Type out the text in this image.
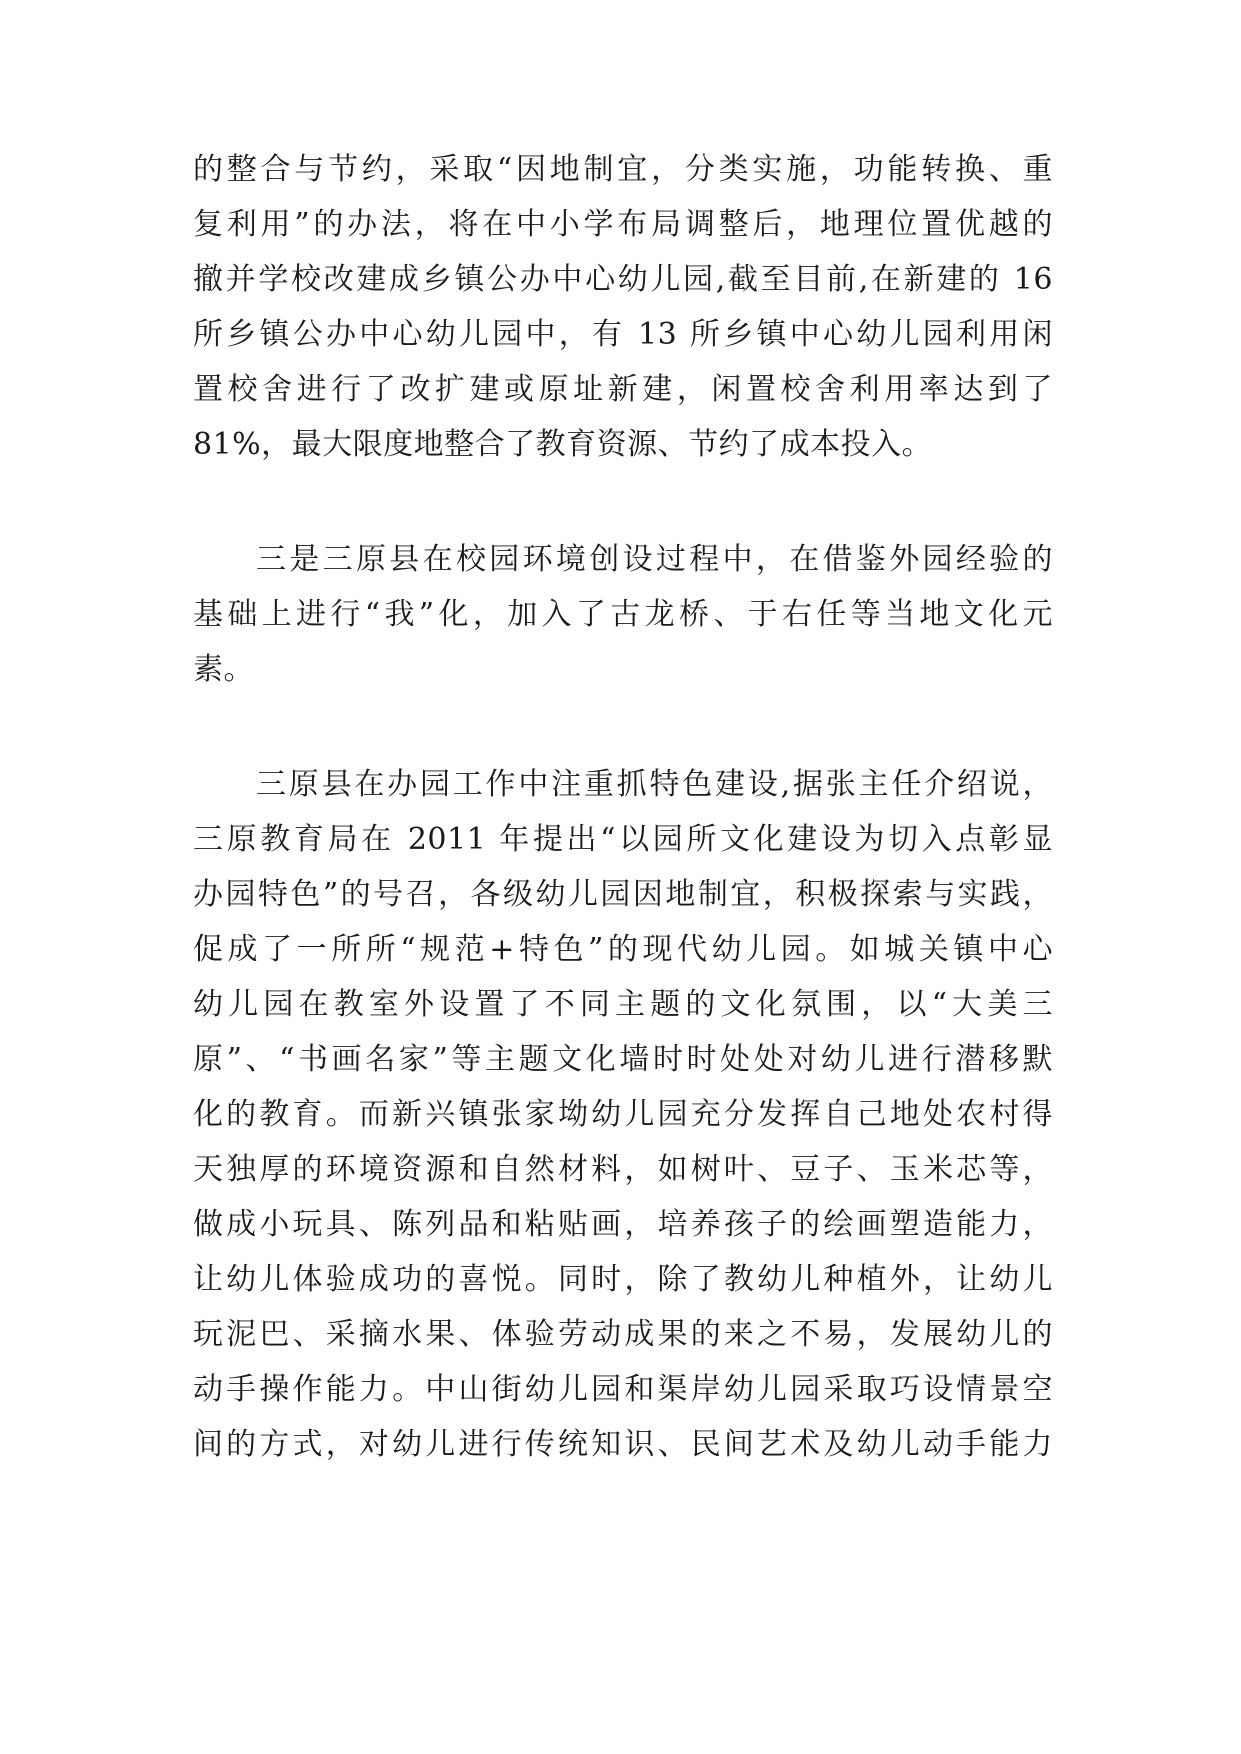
的整合与节约，采取“因地制宜，分类实施，功能转换、重
复利用”的办法，将在中小学布局调整后，地理位置优越的
撤并学校改建成乡镇公办中心幼儿园,截至目前,在新建的 16
所乡镇公办中心幼儿园中，有 13 所乡镇中心幼儿园利用闲
置校舍进行了改扩建或原址新建，闲置校舍利用率达到了
81%，最大限度地整合了教育资源、节约了成本投入。
三是三原县在校园环境创设过程中，在借鉴外园经验的
基础上进行“我”化，加入了古龙桥、于右任等当地文化元
素。
三原县在办园工作中注重抓特色建设,据张主任介绍说，
三原教育局在 2011 年提出“以园所文化建设为切入点彰显
办园特色”的号召，各级幼儿园因地制宜，积极探索与实践，
促成了一所所“规范+特色”的现代幼儿园。如城关镇中心
幼儿园在教室外设置了不同主题的文化氛围，以“大美三
原”、“书画名家”等主题文化墙时时处处对幼儿进行潜移默
化的教育。而新兴镇张家坳幼儿园充分发挥自己地处农村得
天独厚的环境资源和自然材料，如树叶、豆子、玉米芯等，
做成小玩具、陈列品和粘贴画，培养孩子的绘画塑造能力，
让幼儿体验成功的喜悦。同时，除了教幼儿种植外，让幼儿
玩泥巴、采摘水果、体验劳动成果的来之不易，发展幼儿的
动手操作能力。中山街幼儿园和渠岸幼儿园采取巧设情景空
间的方式，对幼儿进行传统知识、民间艺术及幼儿动手能力
